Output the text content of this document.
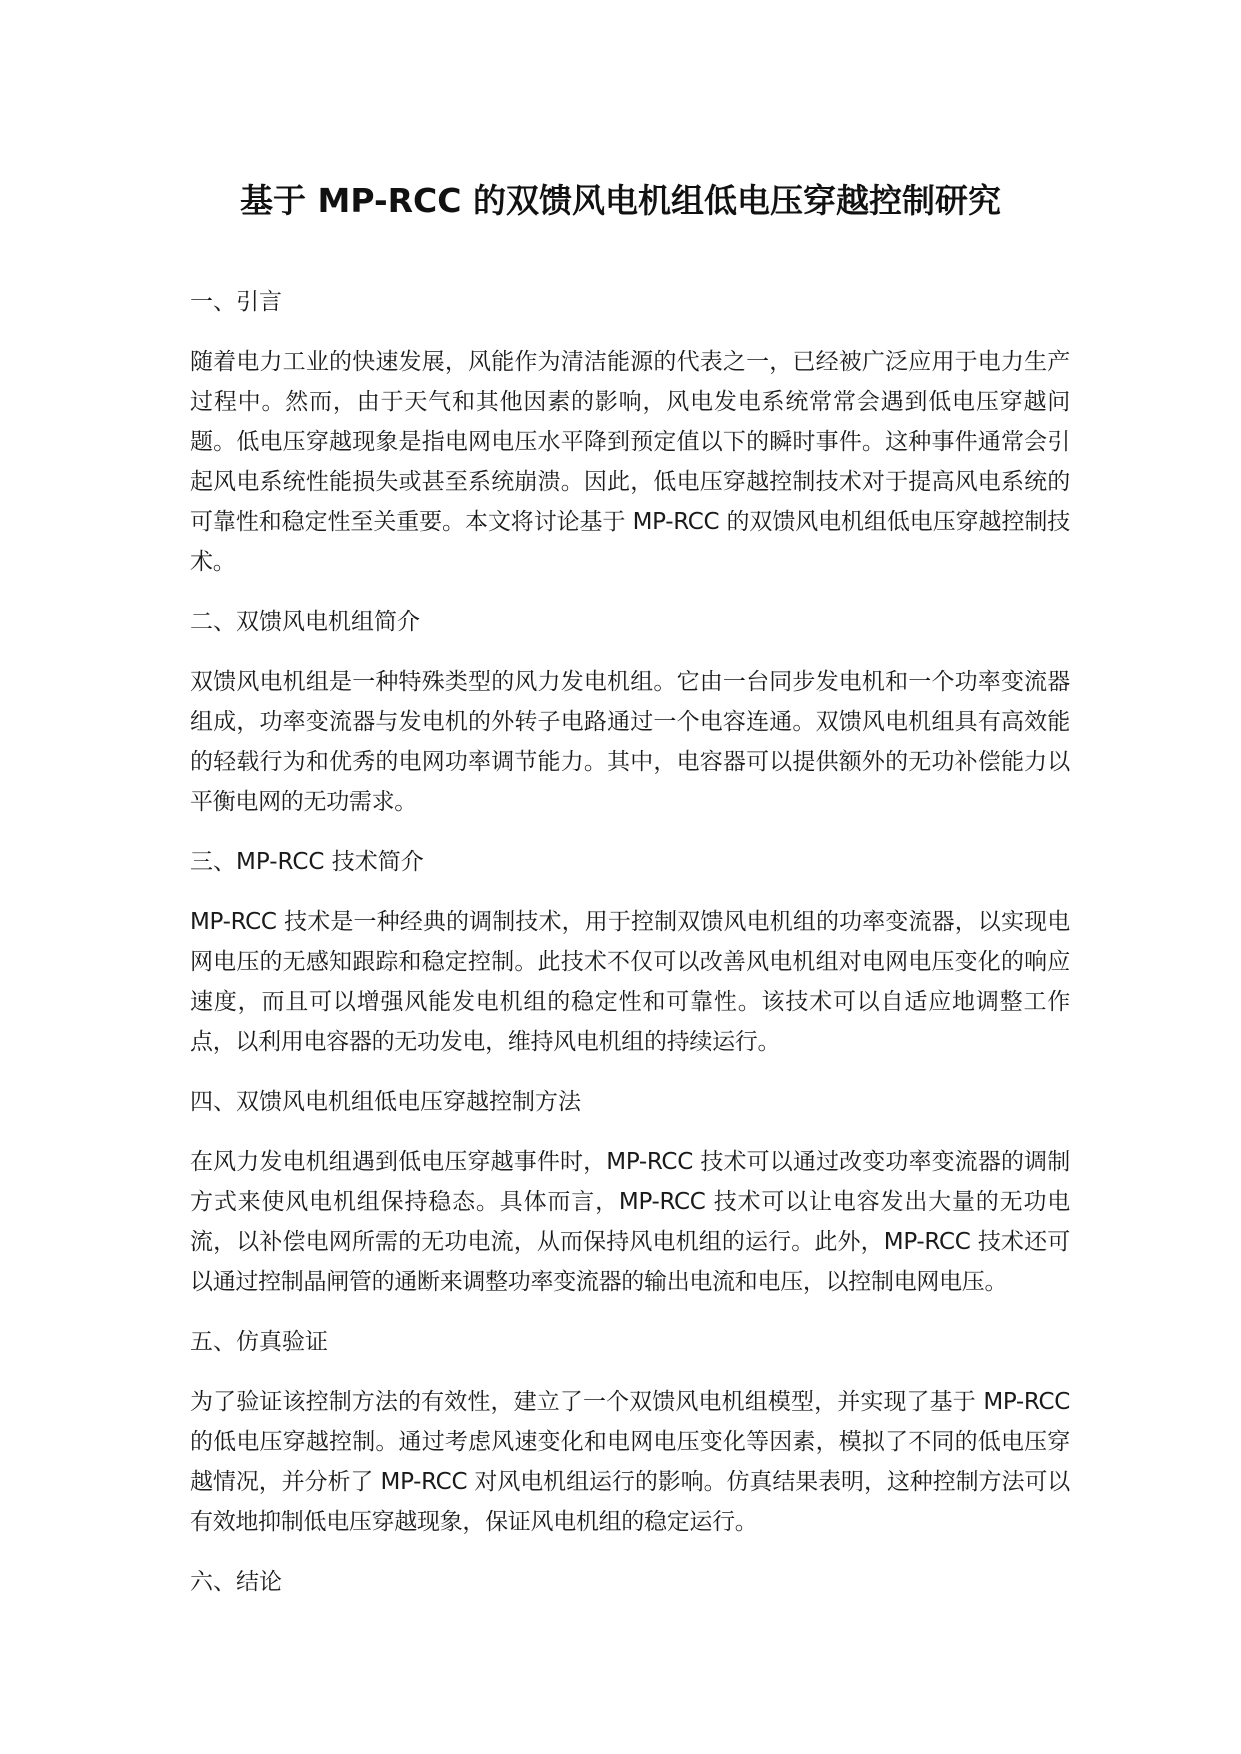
基于 MP-RCC 的双馈风电机组低电压穿越控制研究

一、引言

随着电力工业的快速发展，风能作为清洁能源的代表之一，已经被广泛应用于电力生产过程中。然而，由于天气和其他因素的影响，风电发电系统常常会遇到低电压穿越问题。低电压穿越现象是指电网电压水平降到预定值以下的瞬时事件。这种事件通常会引起风电系统性能损失或甚至系统崩溃。因此，低电压穿越控制技术对于提高风电系统的可靠性和稳定性至关重要。本文将讨论基于 MP-RCC 的双馈风电机组低电压穿越控制技术。

二、双馈风电机组简介

双馈风电机组是一种特殊类型的风力发电机组。它由一台同步发电机和一个功率变流器组成，功率变流器与发电机的外转子电路通过一个电容连通。双馈风电机组具有高效能的轻载行为和优秀的电网功率调节能力。其中，电容器可以提供额外的无功补偿能力以平衡电网的无功需求。

三、MP-RCC 技术简介

MP-RCC 技术是一种经典的调制技术，用于控制双馈风电机组的功率变流器，以实现电网电压的无感知跟踪和稳定控制。此技术不仅可以改善风电机组对电网电压变化的响应速度，而且可以增强风能发电机组的稳定性和可靠性。该技术可以自适应地调整工作点，以利用电容器的无功发电，维持风电机组的持续运行。

四、双馈风电机组低电压穿越控制方法

在风力发电机组遇到低电压穿越事件时，MP-RCC 技术可以通过改变功率变流器的调制方式来使风电机组保持稳态。具体而言，MP-RCC 技术可以让电容发出大量的无功电流，以补偿电网所需的无功电流，从而保持风电机组的运行。此外，MP-RCC 技术还可以通过控制晶闸管的通断来调整功率变流器的输出电流和电压，以控制电网电压。

五、仿真验证

为了验证该控制方法的有效性，建立了一个双馈风电机组模型，并实现了基于 MP-RCC 的低电压穿越控制。通过考虑风速变化和电网电压变化等因素，模拟了不同的低电压穿越情况，并分析了 MP-RCC 对风电机组运行的影响。仿真结果表明，这种控制方法可以有效地抑制低电压穿越现象，保证风电机组的稳定运行。

六、结论
